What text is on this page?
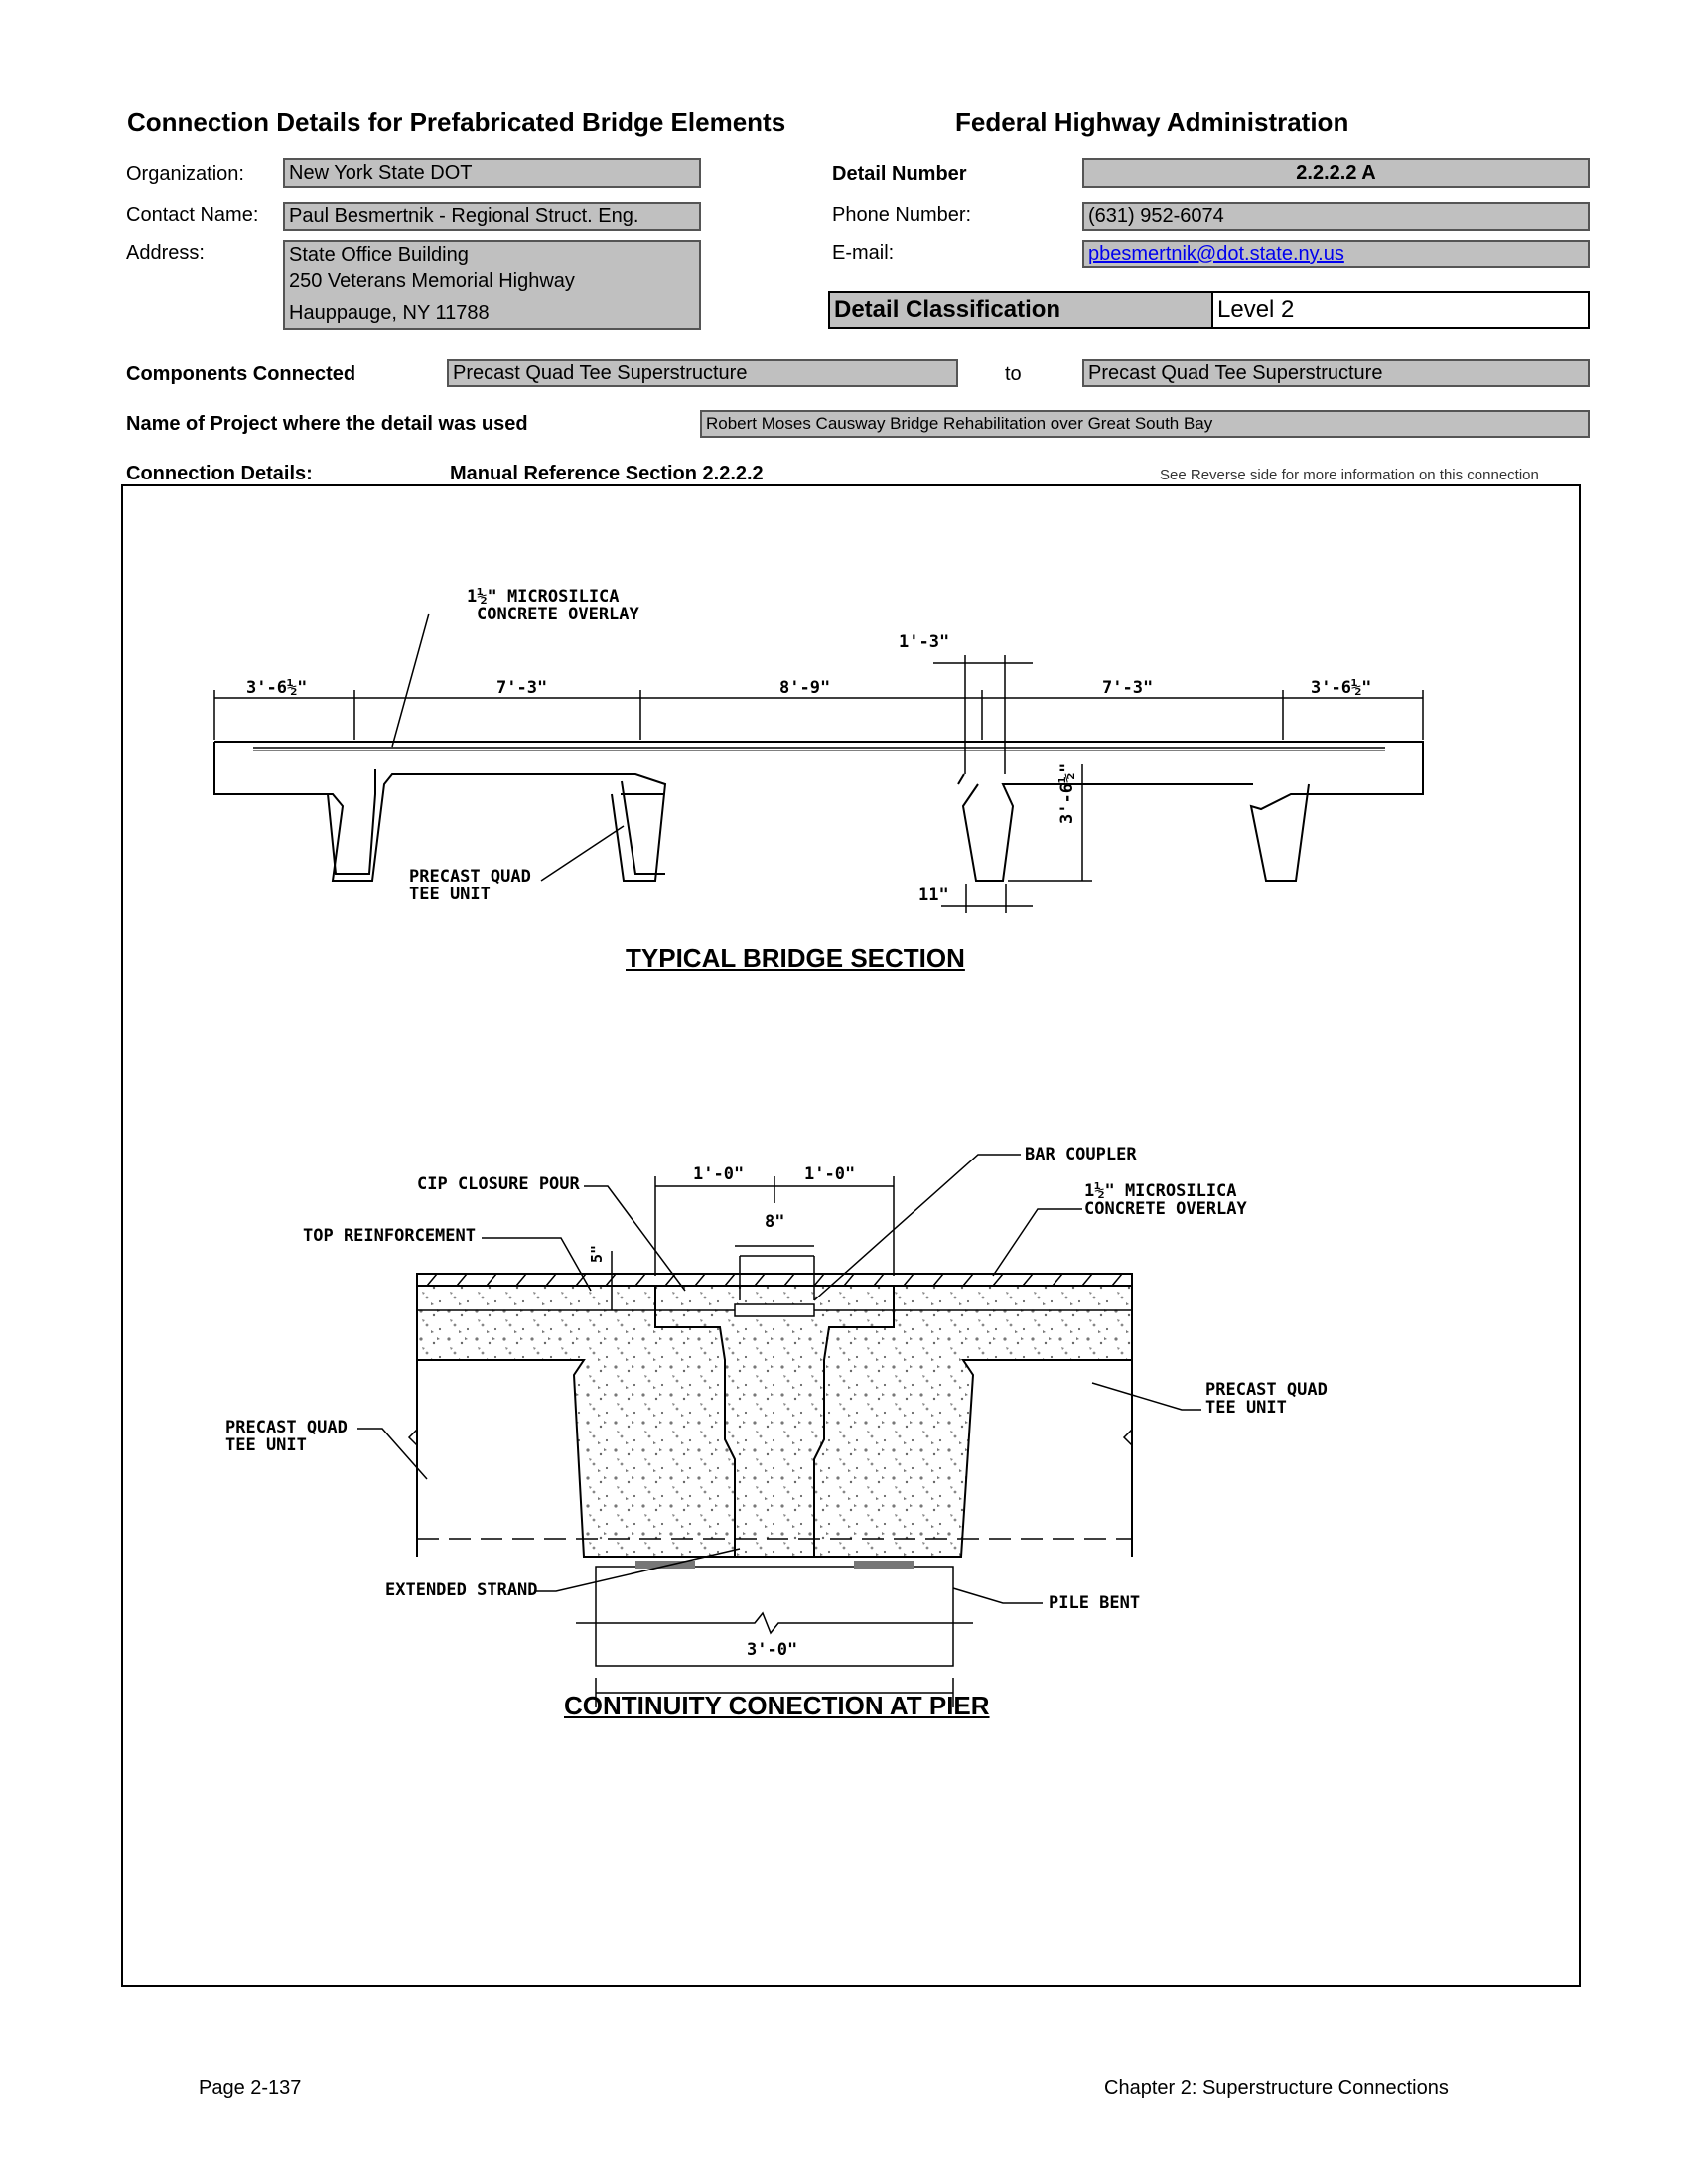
Connection Details for Prefabricated Bridge Elements	Federal Highway Administration
Organization:	New York State DOT
Contact Name:	Paul Besmertnik - Regional Struct. Eng.
Address:	State Office Building
250 Veterans Memorial Highway
Hauppauge, NY 11788
Detail Number	2.2.2.2 A
Phone Number:	(631) 952-6074
E-mail:	pbesmertnik@dot.state.ny.us
Detail Classification	Level 2
Components Connected	Precast Quad Tee Superstructure	to	Precast Quad Tee Superstructure
Name of Project where the detail was used	Robert Moses Causway Bridge Rehabilitation over Great South Bay
Connection Details:	Manual Reference Section 2.2.2.2	See Reverse side for more information on this connection
1½" MICROSILICA
CONCRETE OVERLAY
3'-6½"	7'-3"	8'-9"	7'-3"	3'-6½"
1'-3"
3'-6½"
11"
PRECAST QUAD
TEE UNIT
TYPICAL BRIDGE SECTION
1'-0"	1'-0"
8"
5"
CIP CLOSURE POUR
TOP REINFORCEMENT
BAR COUPLER
1½" MICROSILICA
CONCRETE OVERLAY
PRECAST QUAD
TEE UNIT
PRECAST QUAD
TEE UNIT
EXTENDED STRAND
PILE BENT
3'-0"
CONTINUITY CONECTION AT PIER
Page 2-137	Chapter 2: Superstructure Connections
